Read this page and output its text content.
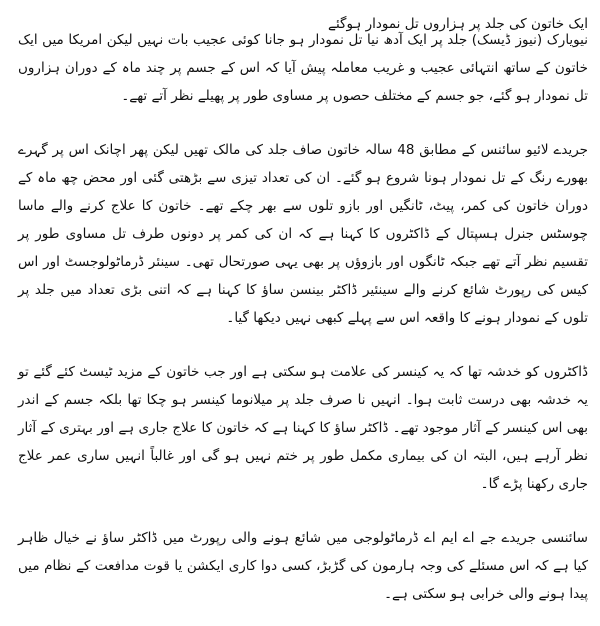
ایک خاتون کی جلد پر ہزاروں تل نمودار ہوگئے

نیویارک (نیوز ڈیسک) جلد پر ایک آدھ نیا تل نمودار ہو جانا کوئی عجیب بات نہیں لیکن امریکا میں ایک خاتون کے ساتھ انتہائی عجیب و غریب معاملہ پیش آیا کہ اس کے جسم پر چند ماہ کے دوران ہزاروں تل نمودار ہو گئے، جو جسم کے مختلف حصوں پر مساوی طور پر پھیلے نظر آتے تھے۔

جریدے لائیو سائنس کے مطابق 48 سالہ خاتون صاف جلد کی مالک تھیں لیکن پھر اچانک اس پر گہرے بھورے رنگ کے تل نمودار ہونا شروع ہو گئے۔ ان کی تعداد تیزی سے بڑھتی گئی اور محض چھ ماہ کے دوران خاتون کی کمر، پیٹ، ٹانگیں اور بازو تلوں سے بھر چکے تھے۔ خاتون کا علاج کرنے والے ماسا چوسٹس جنرل ہسپتال کے ڈاکٹروں کا کہنا ہے کہ ان کی کمر پر دونوں طرف تل مساوی طور پر تقسیم نظر آتے تھے جبکہ ٹانگوں اور بازوؤں پر بھی یہی صورتحال تھی۔ سینئر ڈرماٹولوجسٹ اور اس کیس کی رپورٹ شائع کرنے والے سینئیر ڈاکٹر بینسن ساؤ کا کہنا ہے کہ اتنی بڑی تعداد میں جلد پر تلوں کے نمودار ہونے کا واقعہ اس سے پہلے کبھی نہیں دیکھا گیا۔

ڈاکٹروں کو خدشہ تھا کہ یہ کینسر کی علامت ہو سکتی ہے اور جب خاتون کے مزید ٹیسٹ کئے گئے تو یہ خدشہ بھی درست ثابت ہوا۔ انہیں نا صرف جلد پر میلانوما کینسر ہو چکا تھا بلکہ جسم کے اندر بھی اس کینسر کے آثار موجود تھے۔ ڈاکٹر ساؤ کا کہنا ہے کہ خاتون کا علاج جاری ہے اور بہتری کے آثار نظر آرہے ہیں، البتہ ان کی بیماری مکمل طور پر ختم نہیں ہو گی اور غالباً انہیں ساری عمر علاج جاری رکھنا پڑے گا۔

سائنسی جریدے جے اے ایم اے ڈرماٹولوجی میں شائع ہونے والی رپورٹ میں ڈاکٹر ساؤ نے خیال ظاہر کیا ہے کہ اس مسئلے کی وجہ ہارمون کی گڑبڑ، کسی دوا کاری ایکشن یا قوت مدافعت کے نظام میں پیدا ہونے والی خرابی ہو سکتی ہے۔
